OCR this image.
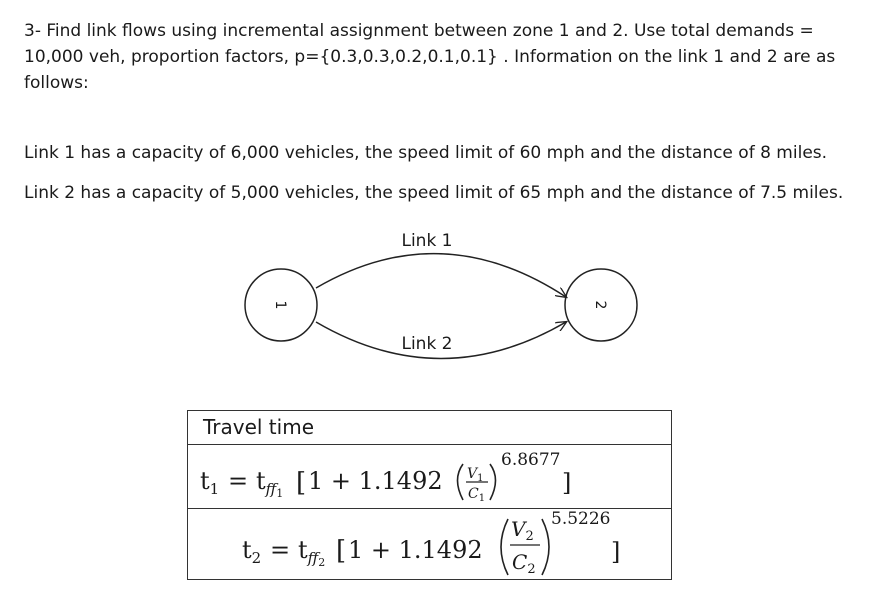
3- Find link flows using incremental assignment between zone 1 and 2. Use total demands = 10,000 veh, proportion factors, p={0.3,0.3,0.2,0.1,0.1} . Information on the link 1 and 2 are as follows:

Link 1 has a capacity of 6,000 vehicles, the speed limit of 60 mph and the distance of 8 miles.

Link 2 has a capacity of 5,000 vehicles, the speed limit of 65 mph and the distance of 7.5 miles.

1	2
Link 1
Link 2
Travel time
$t_1 = t_{ff}1$ [ 1 + 1.1492 $V_1$
$C_1$
6.8677
]
$t_2 = t_{ff}2$ [ 1 + 1.1492
$V_2$
$C_2$
5.5226
]
